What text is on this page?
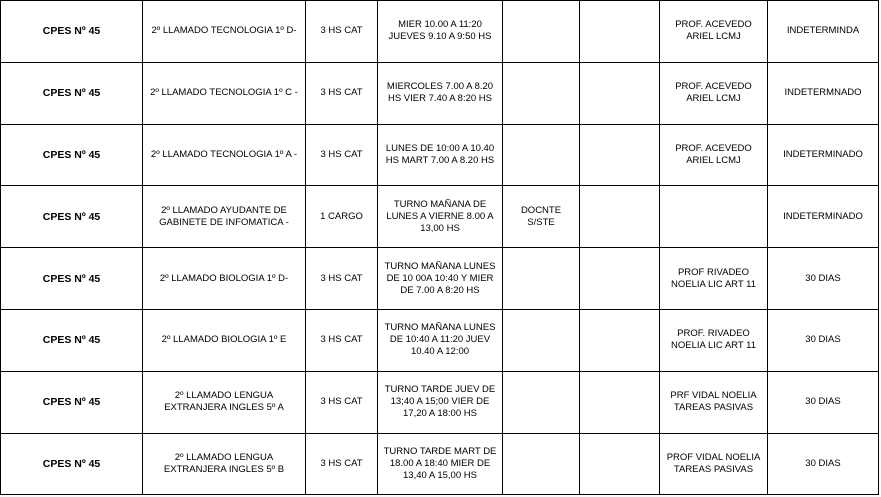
CPES Nº 45	2º LLAMADO TECNOLOGIA 1º D-	3 HS CAT	MIER 10.00 A 11:20 JUEVES 9.10 A 9:50 HS			PROF. ACEVEDO ARIEL LCMJ	INDETERMINDA
CPES Nº 45	2º LLAMADO TECNOLOGIA 1º C -	3 HS CAT	MIERCOLES 7.00 A 8.20 HS VIER 7.40 A 8:20 HS			PROF. ACEVEDO ARIEL LCMJ	INDETERMNADO
CPES Nº 45	2º LLAMADO TECNOLOGIA 1º A -	3 HS CAT	LUNES DE 10:00 A 10.40 HS MART 7.00 A 8.20 HS			PROF. ACEVEDO ARIEL LCMJ	INDETERMINADO
CPES Nº 45	2º LLAMADO AYUDANTE DE GABINETE DE INFOMATICA -	1 CARGO	TURNO MAÑANA DE LUNES A VIERNE 8.00 A 13,00 HS	DOCNTE S/STE			INDETERMINADO
CPES Nº 45	2º LLAMADO BIOLOGIA 1º D-	3 HS CAT	TURNO MAÑANA LUNES DE 10 00A 10:40 Y MIER DE 7.00 A 8:20 HS			PROF RIVADEO NOELIA LIC ART 11	30 DIAS
CPES Nº 45	2º LLAMADO BIOLOGIA 1º E	3 HS CAT	TURNO MAÑANA LUNES DE 10:40 A 11:20 JUEV 10.40 A 12:00			PROF. RIVADEO NOELIA LIC ART 11	30 DIAS
CPES Nº 45	2º LLAMADO LENGUA EXTRANJERA INGLES 5º A	3 HS CAT	TURNO TARDE JUEV DE 13;40 A 15;00 VIER DE 17,20 A 18:00 HS			PRF VIDAL NOELIA TAREAS PASIVAS	30 DIAS
CPES Nº 45	2º LLAMADO LENGUA EXTRANJERA INGLES 5º B	3 HS CAT	TURNO TARDE MART DE 18.00 A 18:40 MIER DE 13,40 A 15,00 HS			PROF VIDAL NOELIA TAREAS PASIVAS	30 DIAS
